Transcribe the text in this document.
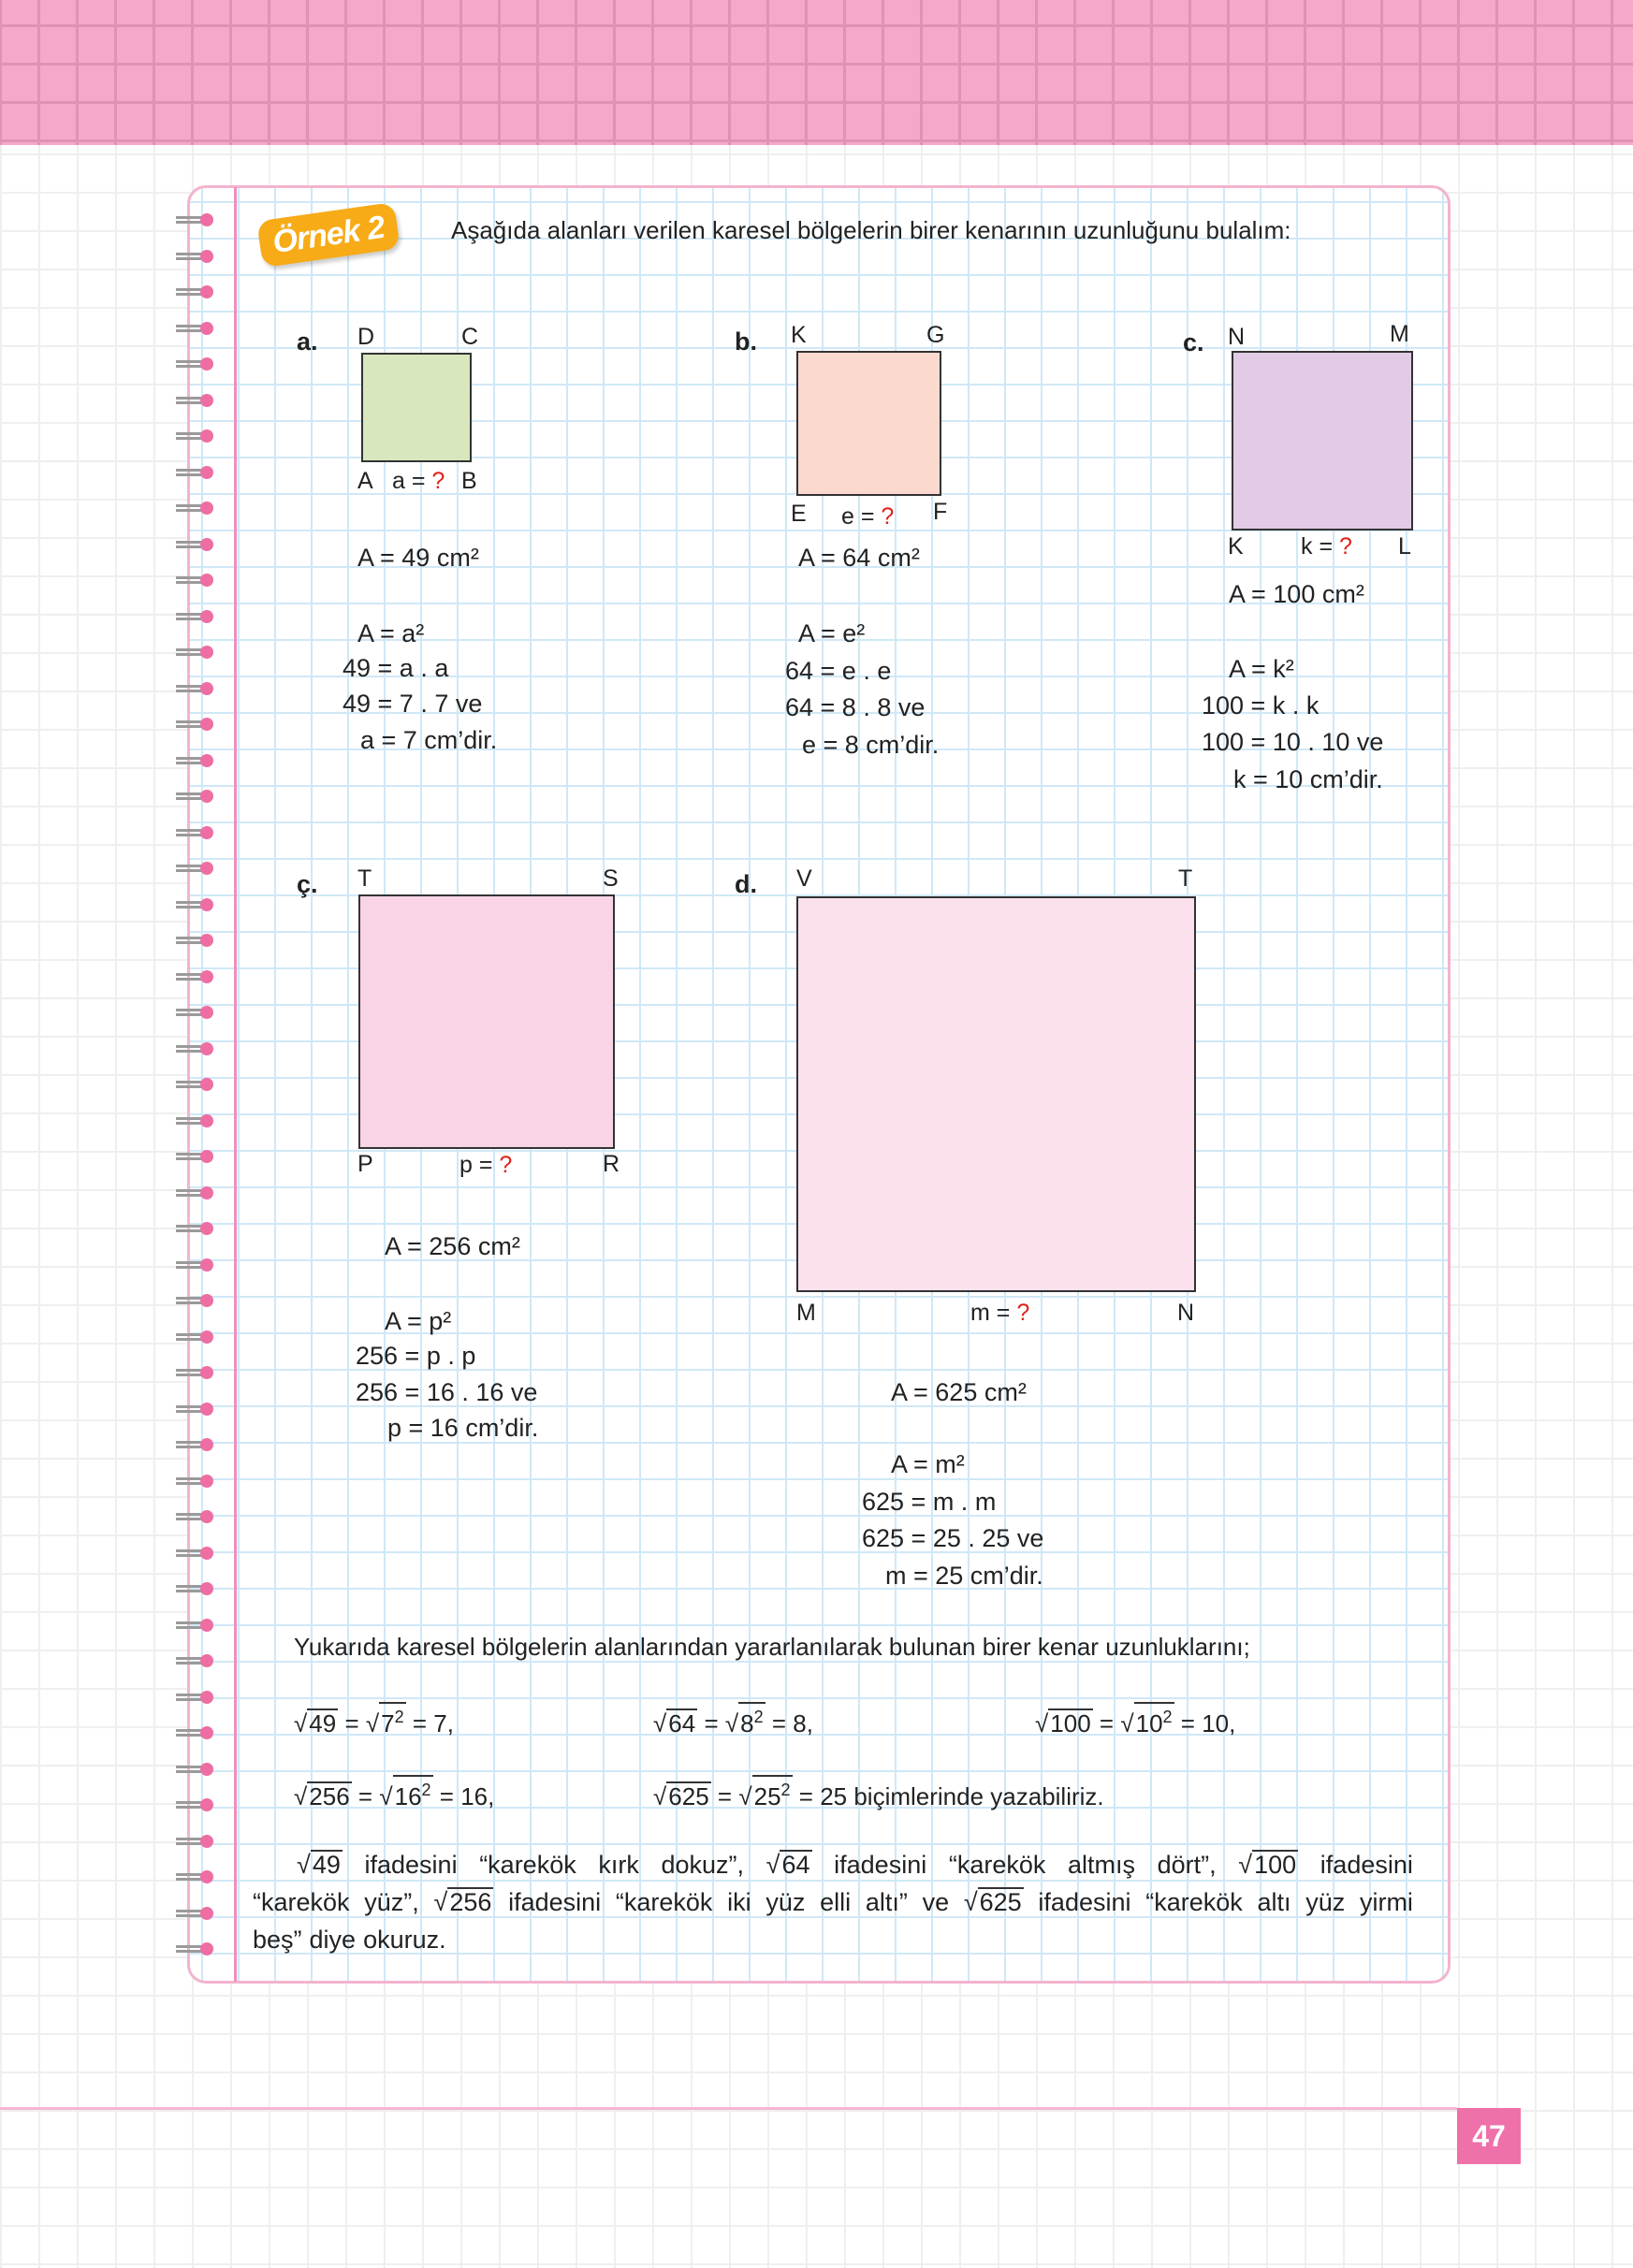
Örnek 2	Aşağıda alanları verilen karesel bölgelerin birer kenarının uzunluğunu bulalım:
a. D	C
A	B
a = ?
A = 49 cm²
A = a²
49 = a . a
49 = 7 . 7 ve
a = 7 cm’dir.
b. K	G
E	F
e = ?
A = 64 cm²
A = e²
64 = e . e
64 = 8 . 8 ve
e = 8 cm’dir.
c. N	M
K	L
k = ?
A = 100 cm²
A = k²
100 = k . k
100 = 10 . 10 ve
k = 10 cm’dir.
ç. T	S
P	R
p = ?
A = 256 cm²
A = p²
256 = p . p
256 = 16 . 16 ve
p = 16 cm’dir.
d. V	T
M	N
m = ?
A = 625 cm²
A = m²
625 = m . m
625 = 25 . 25 ve
m = 25 cm’dir.
Yukarıda karesel bölgelerin alanlarından yararlanılarak bulunan birer kenar uzunluklarını;
$√49 = √7^2 = 7$,	$√64 = √8^2 = 8$,	$√100 = √10^2 = 10$,
$√256 = √16^2 = 16$,	$√625 = √25^2 = 25$ biçimlerinde yazabiliriz.
√49 ifadesini “karekök kırk dokuz”, √64 ifadesini “karekök altmış dört”, √100 ifadesini
“karekök yüz”, √256 ifadesini “karekök iki yüz elli altı” ve √625 ifadesini “karekök altı yüz yirmi
beş” diye okuruz.
47
